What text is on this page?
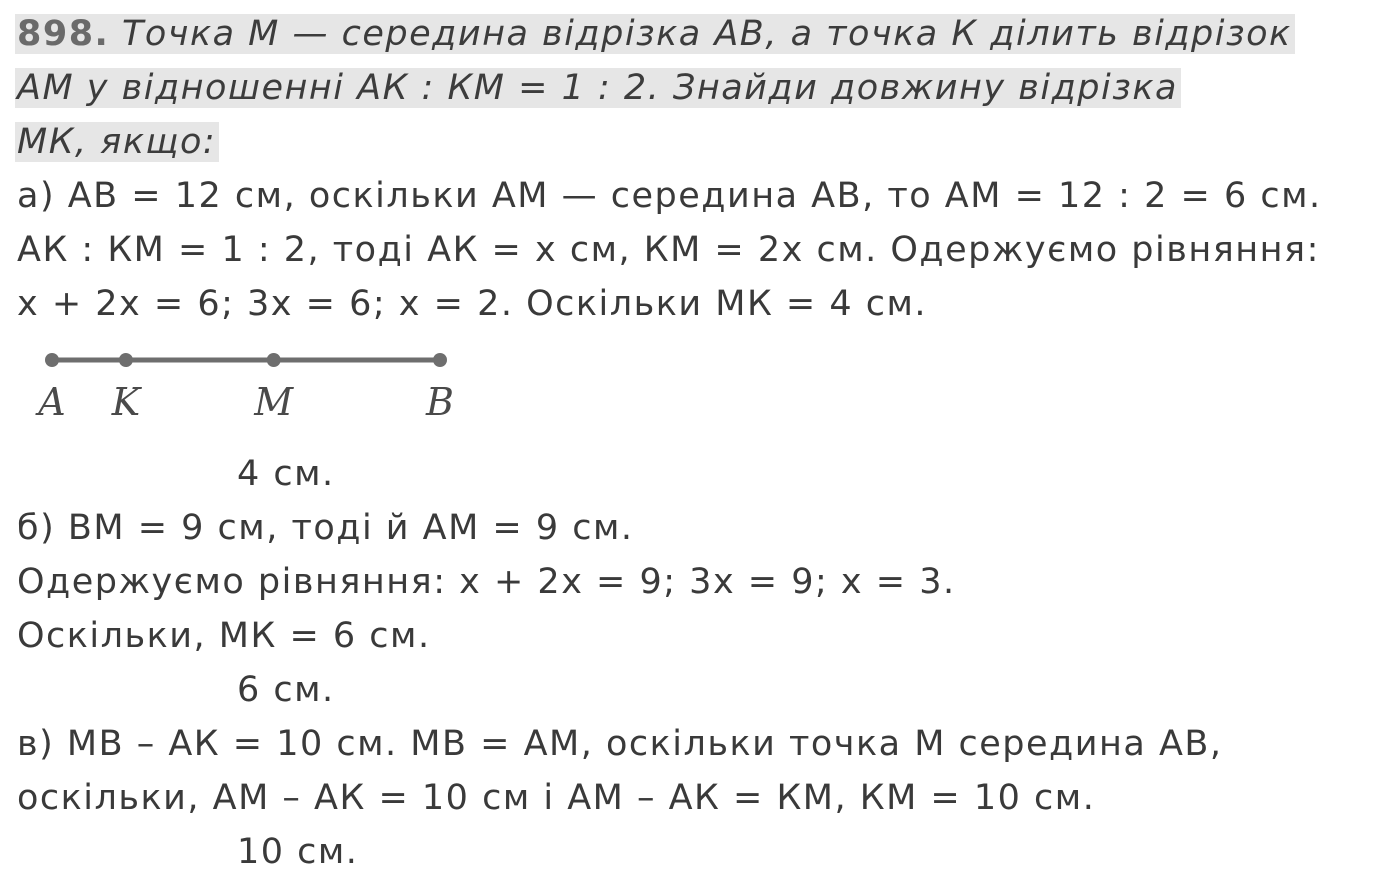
898. Точка М — середина відрізка АВ, а точка К ділить відрізок
АМ у відношенні АК : КМ = 1 : 2. Знайди довжину відрізка
МК, якщо:
а) АВ = 12 см, оскільки АМ — середина АВ, то АМ = 12 : 2 = 6 см.
АК : КМ = 1 : 2, тоді АК = х см, КМ = 2х см. Одержуємо рівняння:
х + 2х = 6; 3х = 6; х = 2. Оскільки МК = 4 см.
A K	M	B
4 см.
б) ВМ = 9 см, тоді й АМ = 9 см.
Одержуємо рівняння: х + 2х = 9; 3х = 9; х = 3.
Оскільки, МК = 6 см.
6 см.
в) МВ – АК = 10 см. МВ = АМ, оскільки точка М середина АВ,
оскільки, АМ – АК = 10 см і АМ – АК = КМ, КМ = 10 см.
10 см.
